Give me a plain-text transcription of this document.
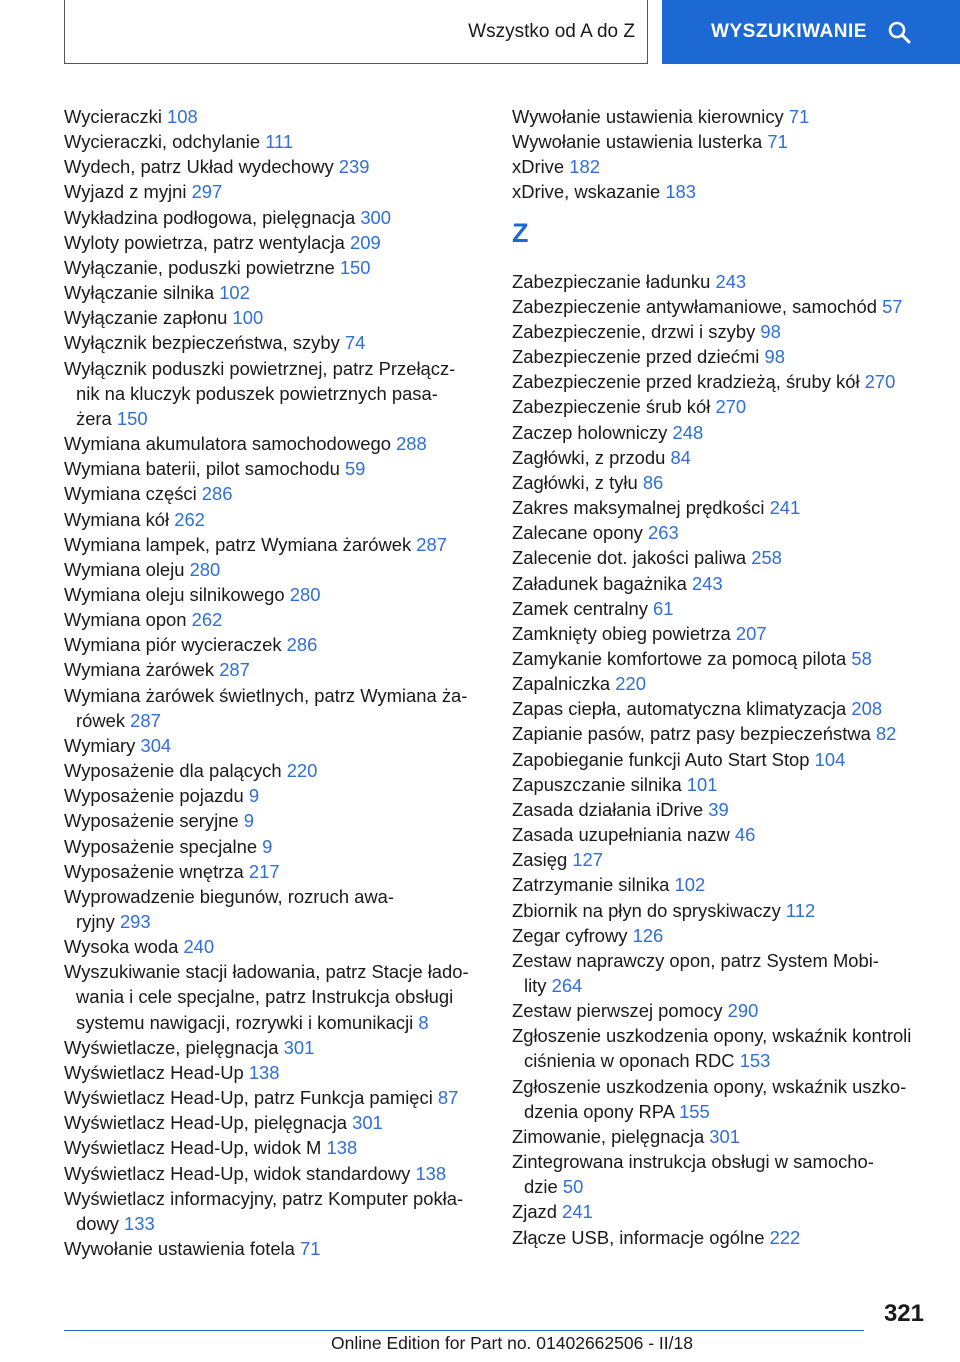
Wszystko od A do Z	WYSZUKIWANIE
Wycieraczki 108
Wycieraczki, odchylanie 111
Wydech, patrz Układ wydechowy 239
Wyjazd z myjni 297
Wykładzina podłogowa, pielęgnacja 300
Wyloty powietrza, patrz wentylacja 209
Wyłączanie, poduszki powietrzne 150
Wyłączanie silnika 102
Wyłączanie zapłonu 100
Wyłącznik bezpieczeństwa, szyby 74
Wyłącznik poduszki powietrznej, patrz Przełącz-
nik na kluczyk poduszek powietrznych pasa-
żera 150
Wymiana akumulatora samochodowego 288
Wymiana baterii, pilot samochodu 59
Wymiana części 286
Wymiana kół 262
Wymiana lampek, patrz Wymiana żarówek 287
Wymiana oleju 280
Wymiana oleju silnikowego 280
Wymiana opon 262
Wymiana piór wycieraczek 286
Wymiana żarówek 287
Wymiana żarówek świetlnych, patrz Wymiana ża-
rówek 287
Wymiary 304
Wyposażenie dla palących 220
Wyposażenie pojazdu 9
Wyposażenie seryjne 9
Wyposażenie specjalne 9
Wyposażenie wnętrza 217
Wyprowadzenie biegunów, rozruch awa-
ryjny 293
Wysoka woda 240
Wyszukiwanie stacji ładowania, patrz Stacje łado-
wania i cele specjalne, patrz Instrukcja obsługi
systemu nawigacji, rozrywki i komunikacji 8
Wyświetlacze, pielęgnacja 301
Wyświetlacz Head-Up 138
Wyświetlacz Head-Up, patrz Funkcja pamięci 87
Wyświetlacz Head-Up, pielęgnacja 301
Wyświetlacz Head-Up, widok M 138
Wyświetlacz Head-Up, widok standardowy 138
Wyświetlacz informacyjny, patrz Komputer pokła-
dowy 133
Wywołanie ustawienia fotela 71
Wywołanie ustawienia kierownicy 71
Wywołanie ustawienia lusterka 71
xDrive 182
xDrive, wskazanie 183
Z
Zabezpieczanie ładunku 243
Zabezpieczenie antywłamaniowe, samochód 57
Zabezpieczenie, drzwi i szyby 98
Zabezpieczenie przed dziećmi 98
Zabezpieczenie przed kradzieżą, śruby kół 270
Zabezpieczenie śrub kół 270
Zaczep holowniczy 248
Zagłówki, z przodu 84
Zagłówki, z tyłu 86
Zakres maksymalnej prędkości 241
Zalecane opony 263
Zalecenie dot. jakości paliwa 258
Załadunek bagażnika 243
Zamek centralny 61
Zamknięty obieg powietrza 207
Zamykanie komfortowe za pomocą pilota 58
Zapalniczka 220
Zapas ciepła, automatyczna klimatyzacja 208
Zapianie pasów, patrz pasy bezpieczeństwa 82
Zapobieganie funkcji Auto Start Stop 104
Zapuszczanie silnika 101
Zasada działania iDrive 39
Zasada uzupełniania nazw 46
Zasięg 127
Zatrzymanie silnika 102
Zbiornik na płyn do spryskiwaczy 112
Zegar cyfrowy 126
Zestaw naprawczy opon, patrz System Mobi-
lity 264
Zestaw pierwszej pomocy 290
Zgłoszenie uszkodzenia opony, wskaźnik kontroli
ciśnienia w oponach RDC 153
Zgłoszenie uszkodzenia opony, wskaźnik uszko-
dzenia opony RPA 155
Zimowanie, pielęgnacja 301
Zintegrowana instrukcja obsługi w samocho-
dzie 50
Zjazd 241
Złącze USB, informacje ogólne 222
321
Online Edition for Part no. 01402662506 - II/18
